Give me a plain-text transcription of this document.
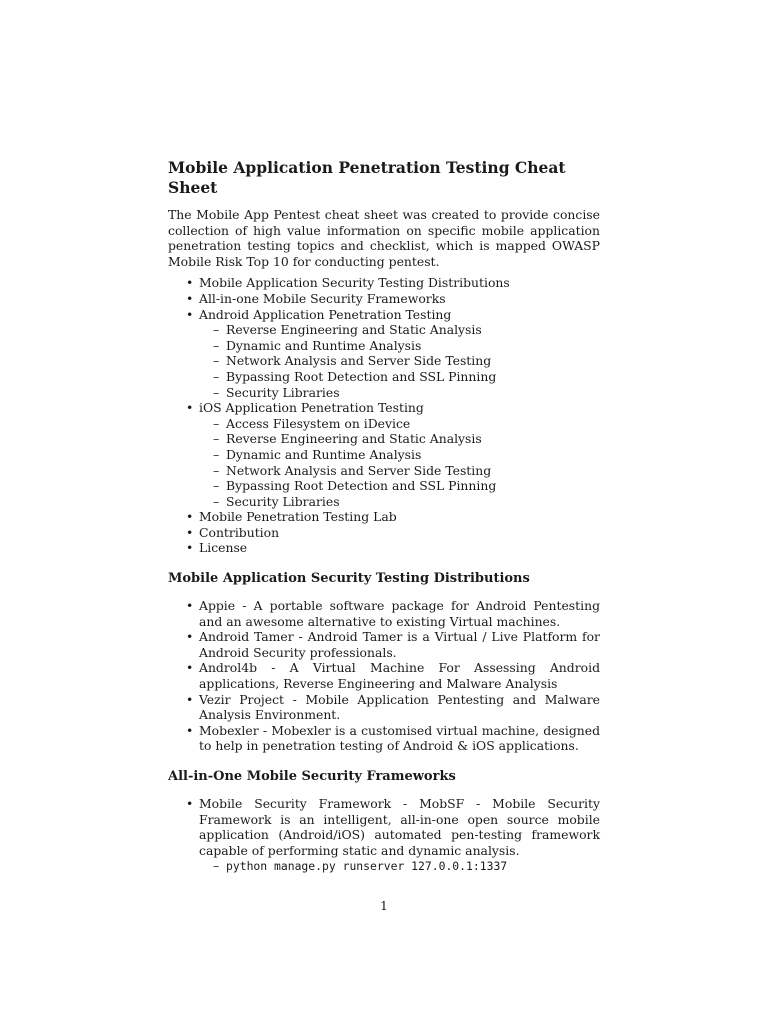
Mobile Application Penetration Testing Cheat Sheet

The Mobile App Pentest cheat sheet was created to provide concise collection of high value information on specific mobile application penetration testing topics and checklist, which is mapped OWASP Mobile Risk Top 10 for conducting pentest.

• Mobile Application Security Testing Distributions
• All-in-one Mobile Security Frameworks
• Android Application Penetration Testing
– Reverse Engineering and Static Analysis
– Dynamic and Runtime Analysis
– Network Analysis and Server Side Testing
– Bypassing Root Detection and SSL Pinning
– Security Libraries
• iOS Application Penetration Testing
– Access Filesystem on iDevice
– Reverse Engineering and Static Analysis
– Dynamic and Runtime Analysis
– Network Analysis and Server Side Testing
– Bypassing Root Detection and SSL Pinning
– Security Libraries
• Mobile Penetration Testing Lab
• Contribution
• License
Mobile Application Security Testing Distributions
• Appie - A portable software package for Android Pentesting and an awesome alternative to existing Virtual machines.
• Android Tamer - Android Tamer is a Virtual / Live Platform for Android Security professionals.
• Androl4b - A Virtual Machine For Assessing Android applications, Reverse Engineering and Malware Analysis
• Vezir Project - Mobile Application Pentesting and Malware Analysis Environment.
• Mobexler - Mobexler is a customised virtual machine, designed to help in penetration testing of Android & iOS applications.
All-in-One Mobile Security Frameworks
• Mobile Security Framework - MobSF - Mobile Security Framework is an intelligent, all-in-one open source mobile application (Android/iOS) automated pen-testing framework capable of performing static and dynamic analysis.
– python manage.py runserver 127.0.0.1:1337
1
